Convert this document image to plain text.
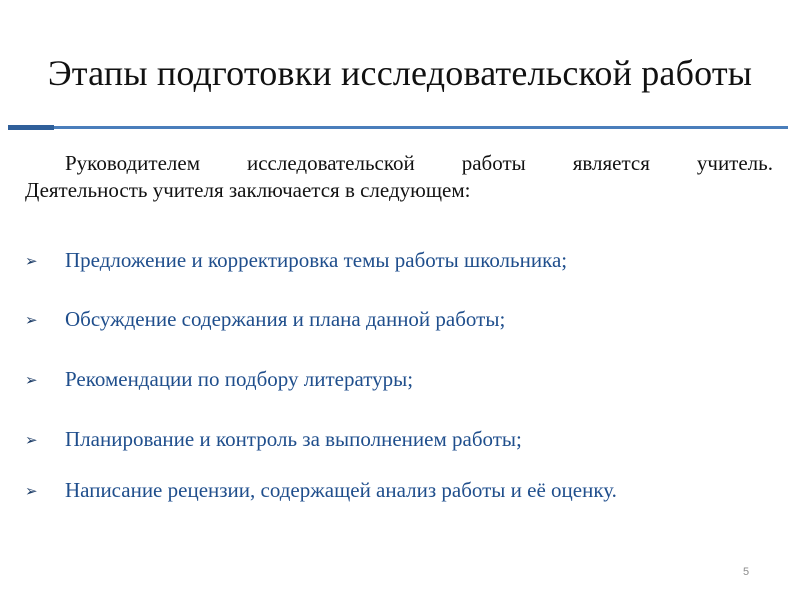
Этапы подготовки исследовательской работы
Руководителем исследовательской работы является учитель.
Деятельность учителя заключается в следующем:
➢	Предложение и корректировка темы работы школьника;
➢	Обсуждение содержания и плана данной работы;
➢	Рекомендации по подбору литературы;
➢	Планирование и контроль за выполнением работы;
➢	Написание рецензии, содержащей анализ работы и её оценку.
5
